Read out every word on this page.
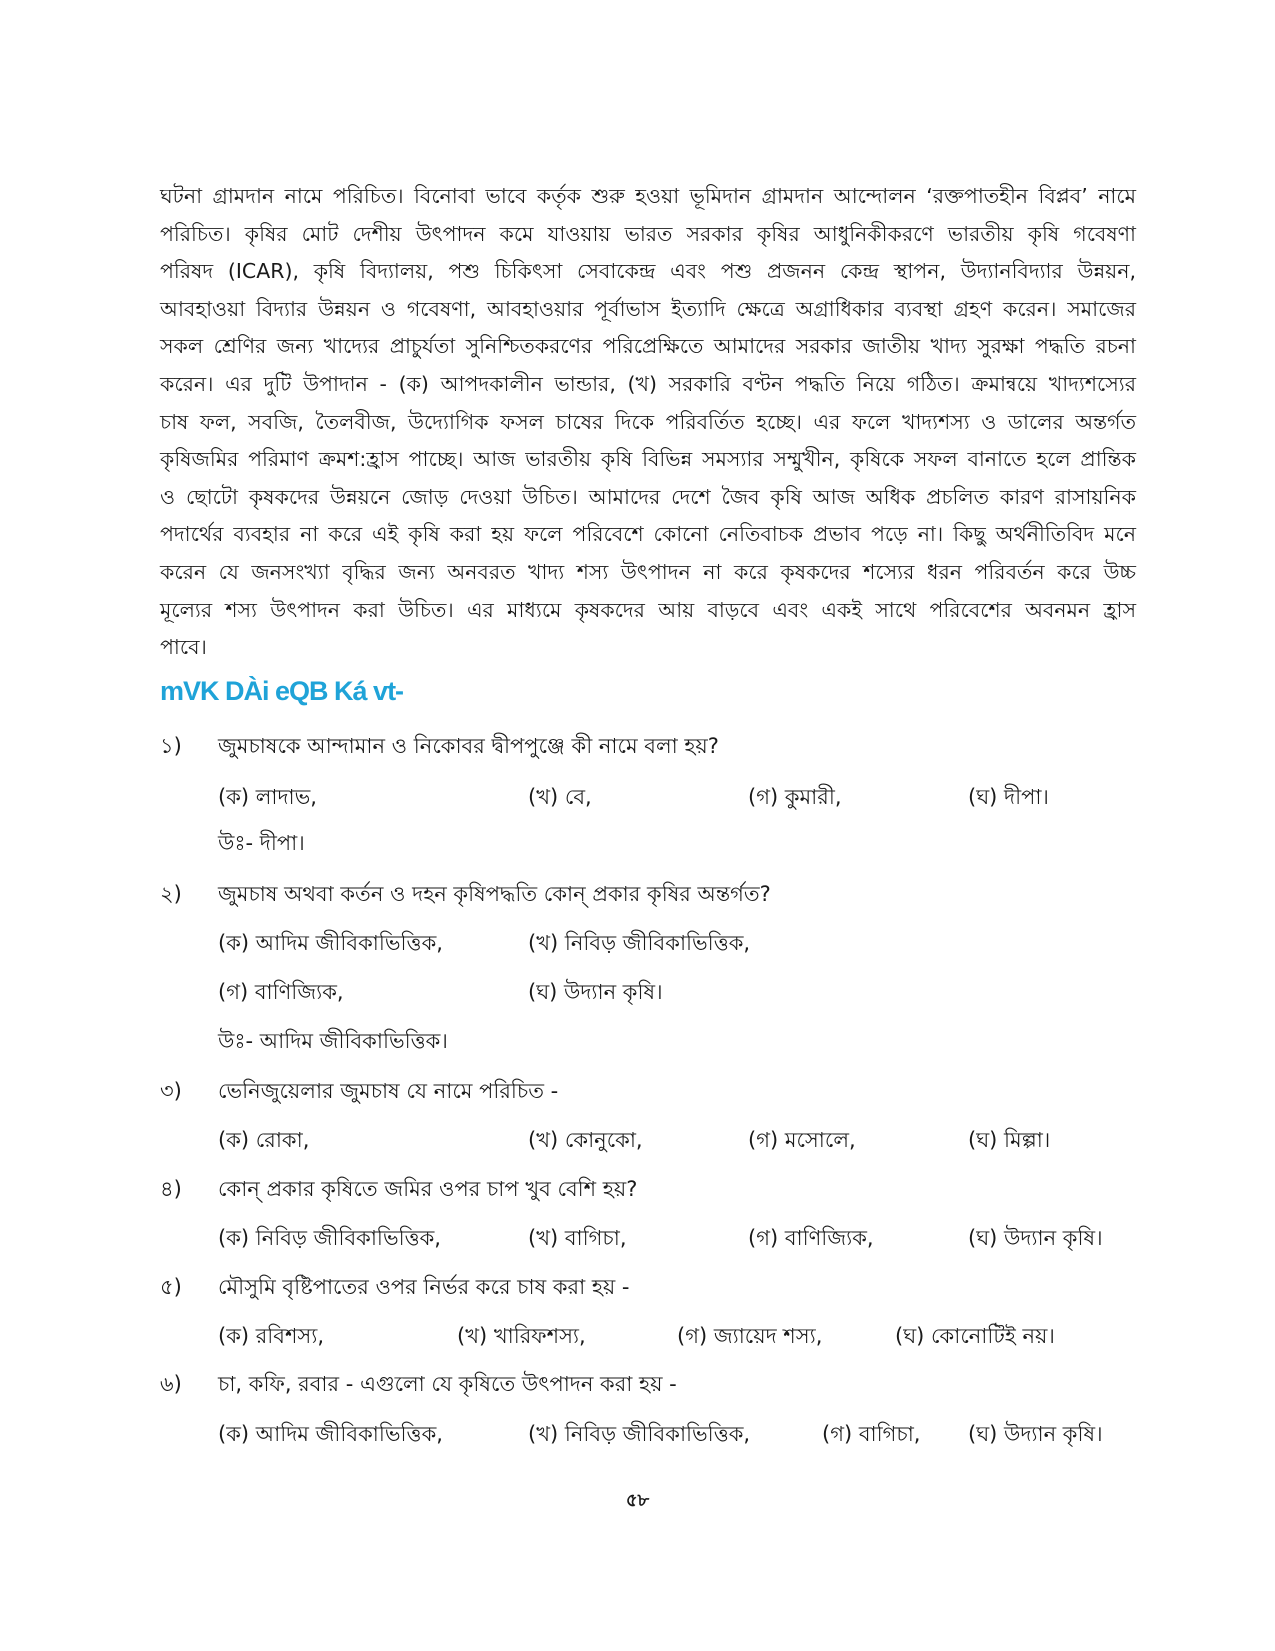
ঘটনা গ্রামদান নামে পরিচিত। বিনোবা ভাবে কর্তৃক শুরু হওয়া ভূমিদান গ্রামদান আন্দোলন ‘রক্তপাতহীন বিপ্লব’ নামে
পরিচিত। কৃষির মোট দেশীয় উৎপাদন কমে যাওয়ায় ভারত সরকার কৃষির আধুনিকীকরণে ভারতীয় কৃষি গবেষণা
পরিষদ (ICAR), কৃষি বিদ্যালয়, পশু চিকিৎসা সেবাকেন্দ্র এবং পশু প্রজনন কেন্দ্র স্থাপন, উদ্যানবিদ্যার উন্নয়ন,
আবহাওয়া বিদ্যার উন্নয়ন ও গবেষণা, আবহাওয়ার পূর্বাভাস ইত্যাদি ক্ষেত্রে অগ্রাধিকার ব্যবস্থা গ্রহণ করেন। সমাজের
সকল শ্রেণির জন্য খাদ্যের প্রাচুর্যতা সুনিশ্চিতকরণের পরিপ্রেক্ষিতে আমাদের সরকার জাতীয় খাদ্য সুরক্ষা পদ্ধতি রচনা
করেন। এর দুটি উপাদান - (ক) আপদকালীন ভান্ডার, (খ) সরকারি বণ্টন পদ্ধতি নিয়ে গঠিত। ক্রমান্বয়ে খাদ্যশস্যের
চাষ ফল, সবজি, তৈলবীজ, উদ্যোগিক ফসল চাষের দিকে পরিবর্তিত হচ্ছে। এর ফলে খাদ্যশস্য ও ডালের অন্তর্গত
কৃষিজমির পরিমাণ ক্রমশ:হ্রাস পাচ্ছে। আজ ভারতীয় কৃষি বিভিন্ন সমস্যার সম্মুখীন, কৃষিকে সফল বানাতে হলে প্রান্তিক
ও ছোটো কৃষকদের উন্নয়নে জোড় দেওয়া উচিত। আমাদের দেশে জৈব কৃষি আজ অধিক প্রচলিত কারণ রাসায়নিক
পদার্থের ব্যবহার না করে এই কৃষি করা হয় ফলে পরিবেশে কোনো নেতিবাচক প্রভাব পড়ে না। কিছু অর্থনীতিবিদ মনে
করেন যে জনসংখ্যা বৃদ্ধির জন্য অনবরত খাদ্য শস্য উৎপাদন না করে কৃষকদের শস্যের ধরন পরিবর্তন করে উচ্চ
মূল্যের শস্য উৎপাদন করা উচিত। এর মাধ্যমে কৃষকদের আয় বাড়বে এবং একই সাথে পরিবেশের অবনমন হ্রাস
পাবে।
mVK DÀi eQB Ká vt-
১) জুমচাষকে আন্দামান ও নিকোবর দ্বীপপুঞ্জে কী নামে বলা হয়?
(ক) লাদাভ,	(খ) বে,	(গ) কুমারী,	(ঘ) দীপা।
উঃ- দীপা।
২) জুমচাষ অথবা কর্তন ও দহন কৃষিপদ্ধতি কোন্ প্রকার কৃষির অন্তর্গত?
(ক) আদিম জীবিকাভিত্তিক,	(খ) নিবিড় জীবিকাভিত্তিক,
(গ) বাণিজ্যিক,	(ঘ) উদ্যান কৃষি।
উঃ- আদিম জীবিকাভিত্তিক।
৩) ভেনিজুয়েলার জুমচাষ যে নামে পরিচিত -
(ক) রোকা,	(খ) কোনুকো,	(গ) মসোলে,	(ঘ) মিল্পা।
৪) কোন্ প্রকার কৃষিতে জমির ওপর চাপ খুব বেশি হয়?
(ক) নিবিড় জীবিকাভিত্তিক,	(খ) বাগিচা,	(গ) বাণিজ্যিক,	(ঘ) উদ্যান কৃষি।
৫) মৌসুমি বৃষ্টিপাতের ওপর নির্ভর করে চাষ করা হয় -
(ক) রবিশস্য,	(খ) খারিফশস্য,	(গ) জ্যায়েদ শস্য,	(ঘ) কোনোটিই নয়।
৬) চা, কফি, রবার - এগুলো যে কৃষিতে উৎপাদন করা হয় -
(ক) আদিম জীবিকাভিত্তিক,	(খ) নিবিড় জীবিকাভিত্তিক,	(গ) বাগিচা, (ঘ) উদ্যান কৃষি।
৫৮
